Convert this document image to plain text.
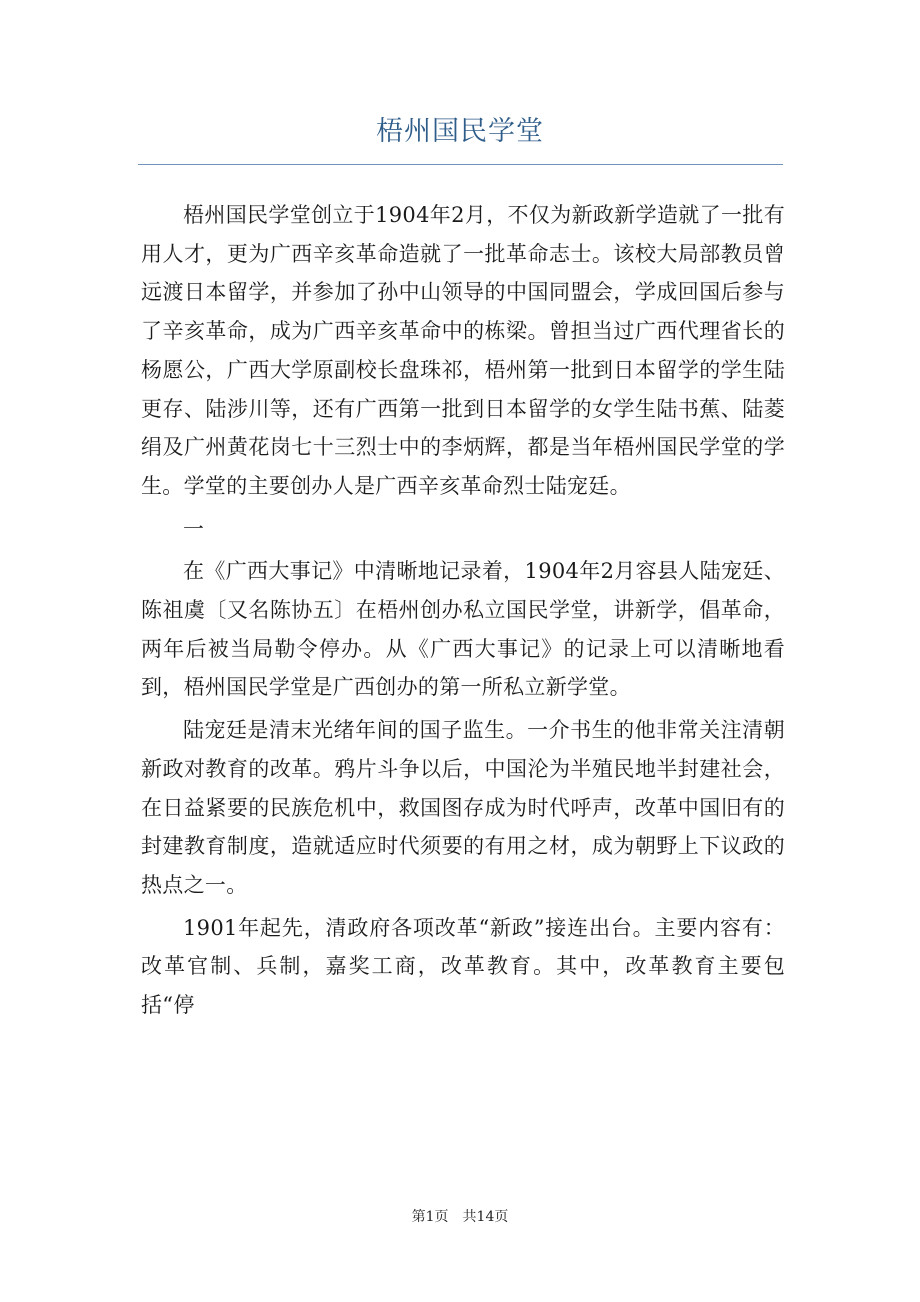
梧州国民学堂

梧州国民学堂创立于1904年2月，不仅为新政新学造就了一批有用人才，更为广西辛亥革命造就了一批革命志士。该校大局部教员曾远渡日本留学，并参加了孙中山领导的中国同盟会，学成回国后参与了辛亥革命，成为广西辛亥革命中的栋梁。曾担当过广西代理省长的杨愿公，广西大学原副校长盘珠祁，梧州第一批到日本留学的学生陆更存、陆涉川等，还有广西第一批到日本留学的女学生陆书蕉、陆菱绢及广州黄花岗七十三烈士中的李炳辉，都是当年梧州国民学堂的学生。学堂的主要创办人是广西辛亥革命烈士陆宠廷。

一

在《广西大事记》中清晰地记录着，1904年2月容县人陆宠廷、陈祖虞〔又名陈协五〕在梧州创办私立国民学堂，讲新学，倡革命，两年后被当局勒令停办。从《广西大事记》的记录上可以清晰地看到，梧州国民学堂是广西创办的第一所私立新学堂。

陆宠廷是清末光绪年间的国子监生。一介书生的他非常关注清朝新政对教育的改革。鸦片斗争以后，中国沦为半殖民地半封建社会，在日益紧要的民族危机中，救国图存成为时代呼声，改革中国旧有的封建教育制度，造就适应时代须要的有用之材，成为朝野上下议政的热点之一。

1901年起先，清政府各项改革“新政”接连出台。主要内容有：改革官制、兵制，嘉奖工商，改革教育。其中，改革教育主要包括“停

第1页 共14页
